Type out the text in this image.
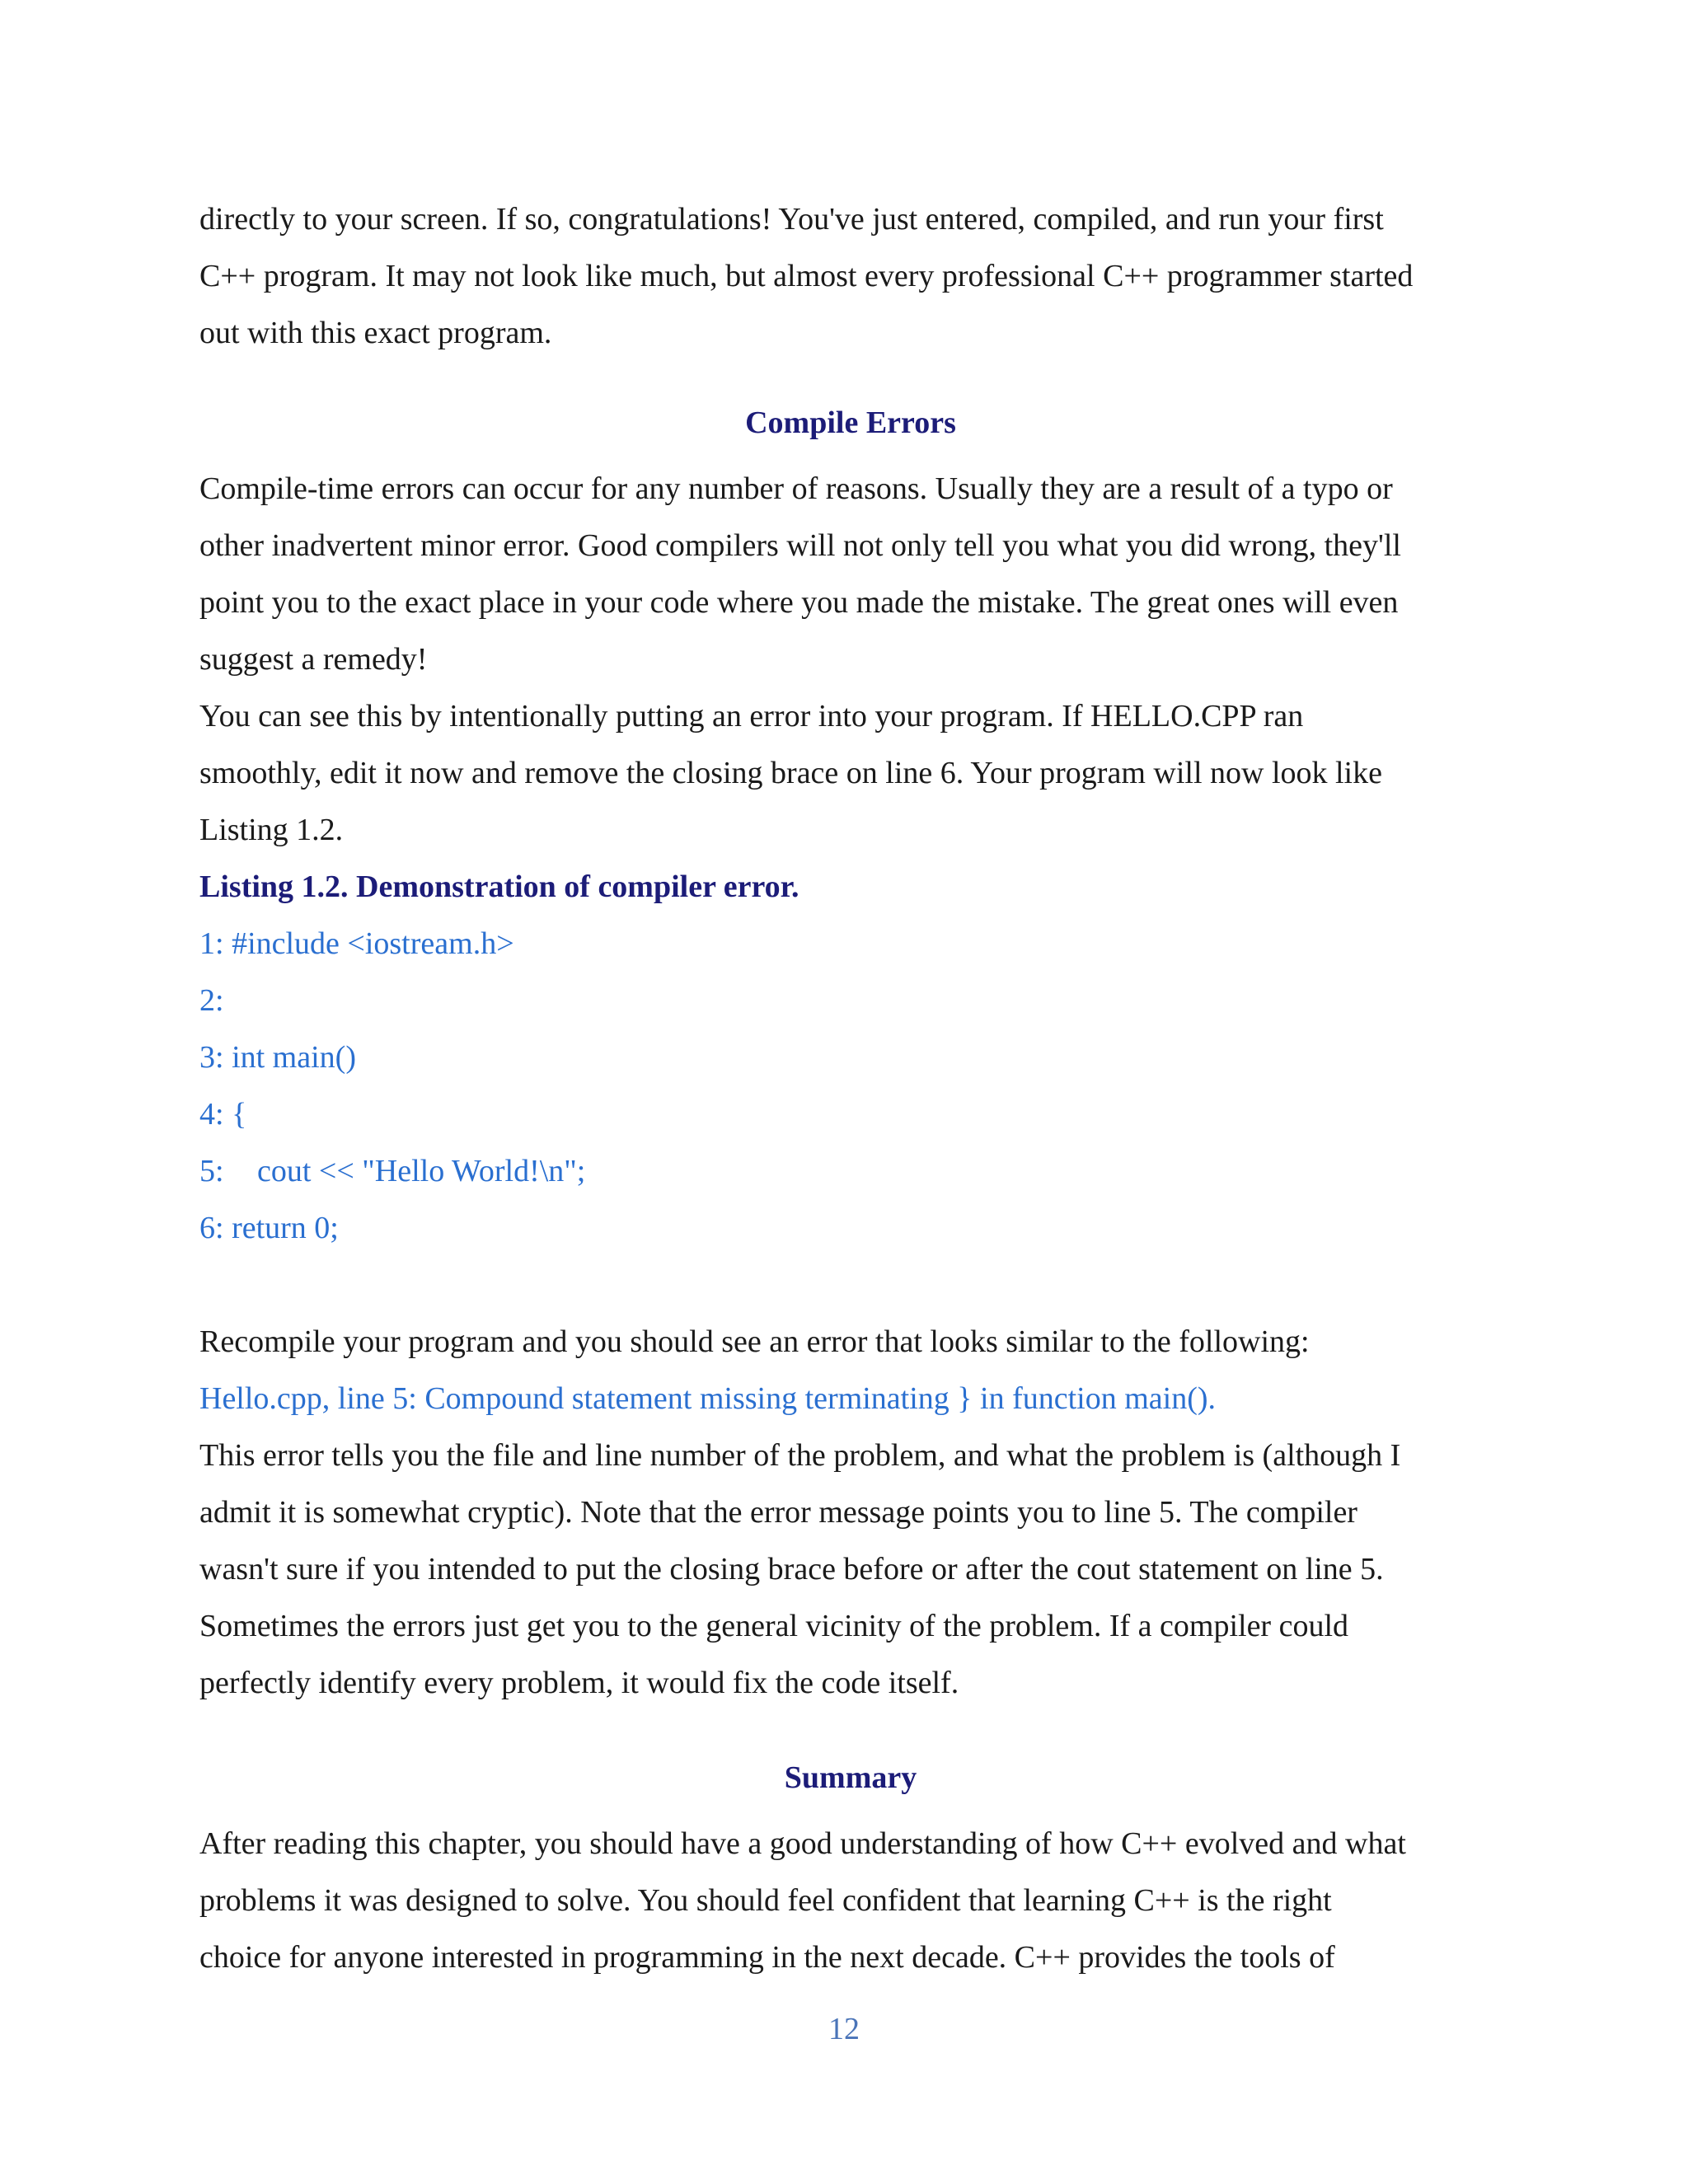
directly to your screen. If so, congratulations! You've just entered, compiled, and run your first
C++ program. It may not look like much, but almost every professional C++ programmer started
out with this exact program.
Compile Errors
Compile-time errors can occur for any number of reasons. Usually they are a result of a typo or
other inadvertent minor error. Good compilers will not only tell you what you did wrong, they'll
point you to the exact place in your code where you made the mistake. The great ones will even
suggest a remedy!
You can see this by intentionally putting an error into your program. If HELLO.CPP ran
smoothly, edit it now and remove the closing brace on line 6. Your program will now look like
Listing 1.2.
Listing 1.2. Demonstration of compiler error.
1: #include <iostream.h>
2:
3: int main()
4: {
5: cout << "Hello World!\n";
6: return 0;
Recompile your program and you should see an error that looks similar to the following:
Hello.cpp, line 5: Compound statement missing terminating } in function main().
This error tells you the file and line number of the problem, and what the problem is (although I
admit it is somewhat cryptic). Note that the error message points you to line 5. The compiler
wasn't sure if you intended to put the closing brace before or after the cout statement on line 5.
Sometimes the errors just get you to the general vicinity of the problem. If a compiler could
perfectly identify every problem, it would fix the code itself.
Summary
After reading this chapter, you should have a good understanding of how C++ evolved and what
problems it was designed to solve. You should feel confident that learning C++ is the right
choice for anyone interested in programming in the next decade. C++ provides the tools of
12
